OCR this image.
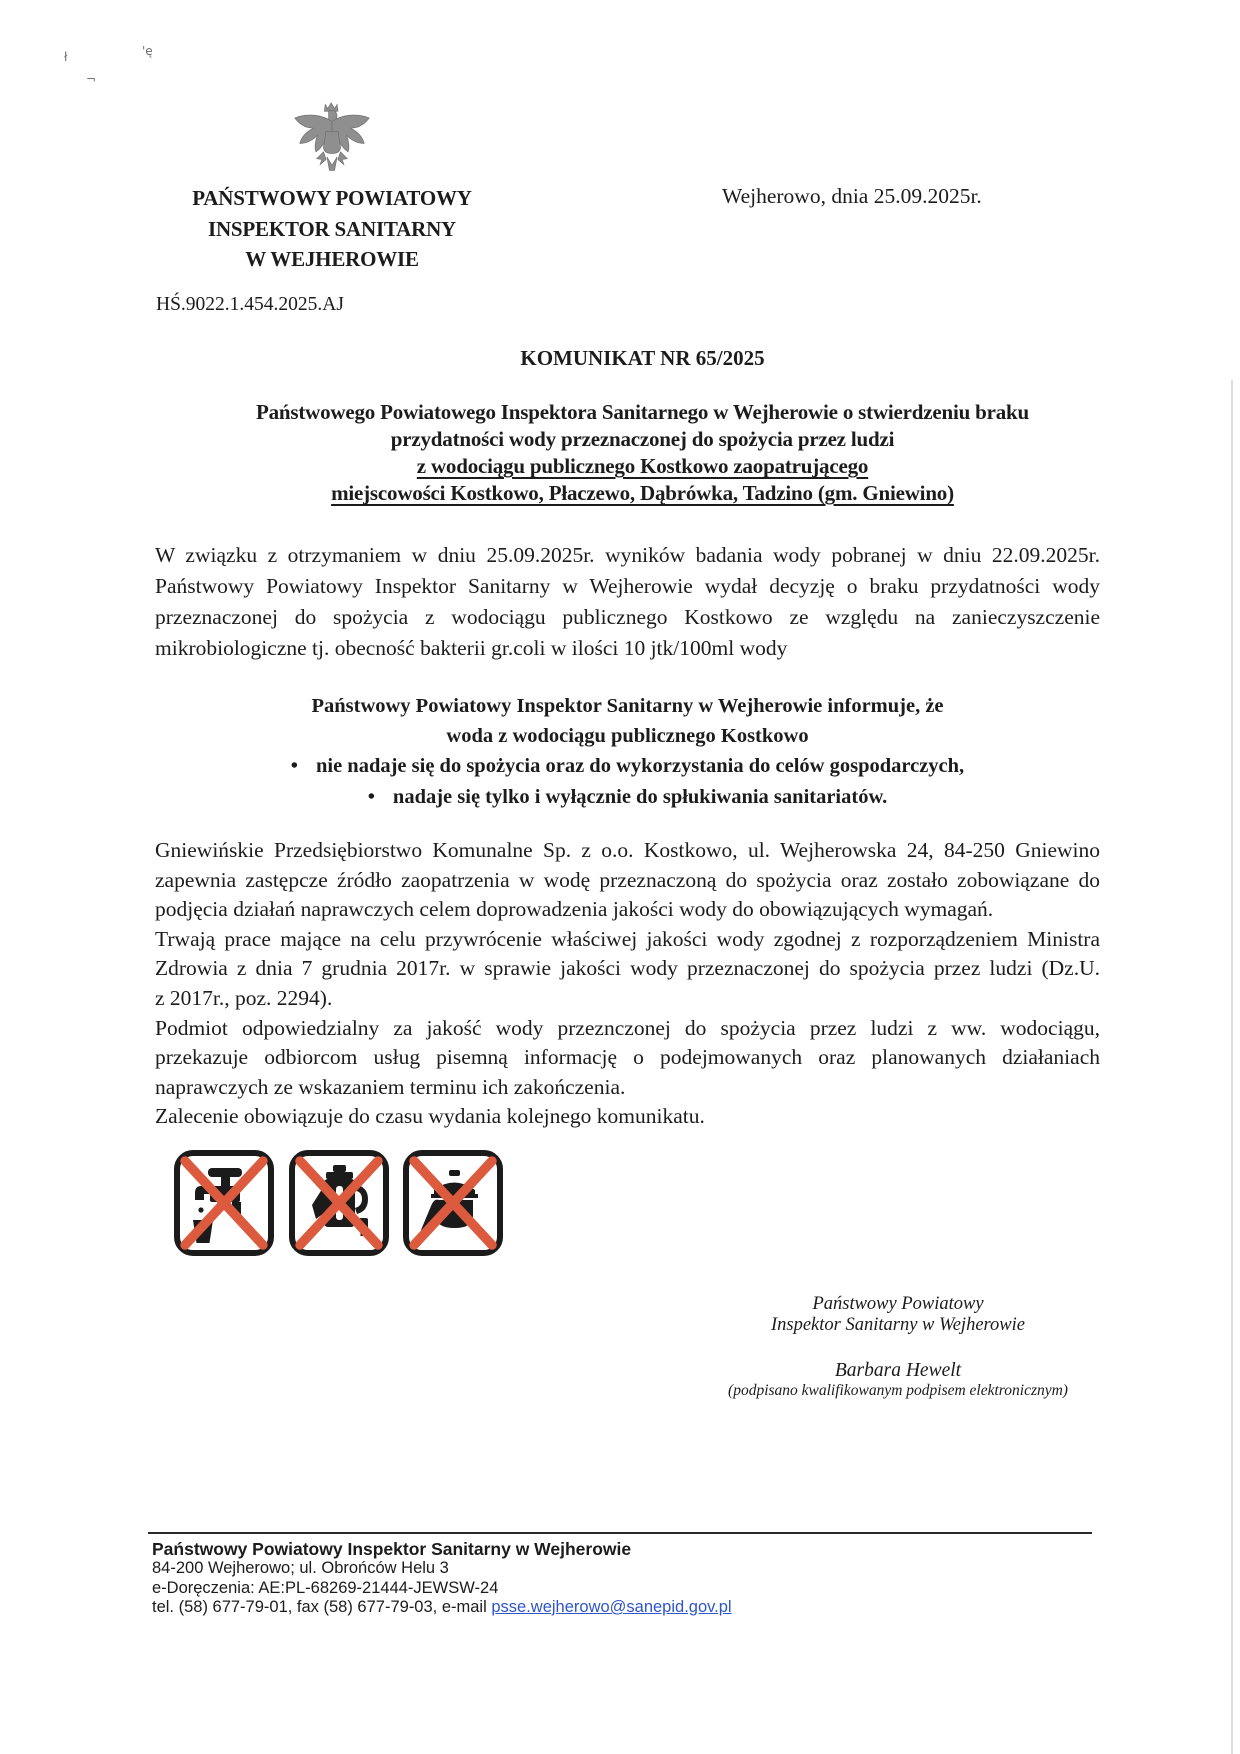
ł	'ę
¬
PAŃSTWOWY POWIATOWY
INSPEKTOR SANITARNY
W WEJHEROWIE
Wejherowo, dnia 25.09.2025r.
HŚ.9022.1.454.2025.AJ
KOMUNIKAT NR 65/2025
Państwowego Powiatowego Inspektora Sanitarnego w Wejherowie o stwierdzeniu braku
przydatności wody przeznaczonej do spożycia przez ludzi
z wodociągu publicznego Kostkowo zaopatrującego
miejscowości Kostkowo, Płaczewo, Dąbrówka, Tadzino (gm. Gniewino)
W związku z otrzymaniem w dniu 25.09.2025r. wyników badania wody pobranej w dniu 22.09.2025r.
Państwowy Powiatowy Inspektor Sanitarny w Wejherowie wydał decyzję o braku przydatności wody
przeznaczonej do spożycia z wodociągu publicznego Kostkowo ze względu na zanieczyszczenie
mikrobiologiczne tj. obecność bakterii gr.coli w ilości 10 jtk/100ml wody
Państwowy Powiatowy Inspektor Sanitarny w Wejherowie informuje, że
woda z wodociągu publicznego Kostkowo
• nie nadaje się do spożycia oraz do wykorzystania do celów gospodarczych,
• nadaje się tylko i wyłącznie do spłukiwania sanitariatów.
Gniewińskie Przedsiębiorstwo Komunalne Sp. z o.o. Kostkowo, ul. Wejherowska 24, 84-250 Gniewino
zapewnia zastępcze źródło zaopatrzenia w wodę przeznaczoną do spożycia oraz zostało zobowiązane do
podjęcia działań naprawczych celem doprowadzenia jakości wody do obowiązujących wymagań.
Trwają prace mające na celu przywrócenie właściwej jakości wody zgodnej z rozporządzeniem Ministra
Zdrowia z dnia 7 grudnia 2017r. w sprawie jakości wody przeznaczonej do spożycia przez ludzi (Dz.U.
z 2017r., poz. 2294).
Podmiot odpowiedzialny za jakość wody przeznczonej do spożycia przez ludzi z ww. wodociągu,
przekazuje odbiorcom usług pisemną informację o podejmowanych oraz planowanych działaniach
naprawczych ze wskazaniem terminu ich zakończenia.
Zalecenie obowiązuje do czasu wydania kolejnego komunikatu.
Państwowy Powiatowy
Inspektor Sanitarny w Wejherowie
Barbara Hewelt
(podpisano kwalifikowanym podpisem elektronicznym)
Państwowy Powiatowy Inspektor Sanitarny w Wejherowie
84-200 Wejherowo; ul. Obrońców Helu 3
e-Doręczenia: AE:PL-68269-21444-JEWSW-24
tel. (58) 677-79-01, fax (58) 677-79-03, e-mail psse.wejherowo@sanepid.gov.pl
